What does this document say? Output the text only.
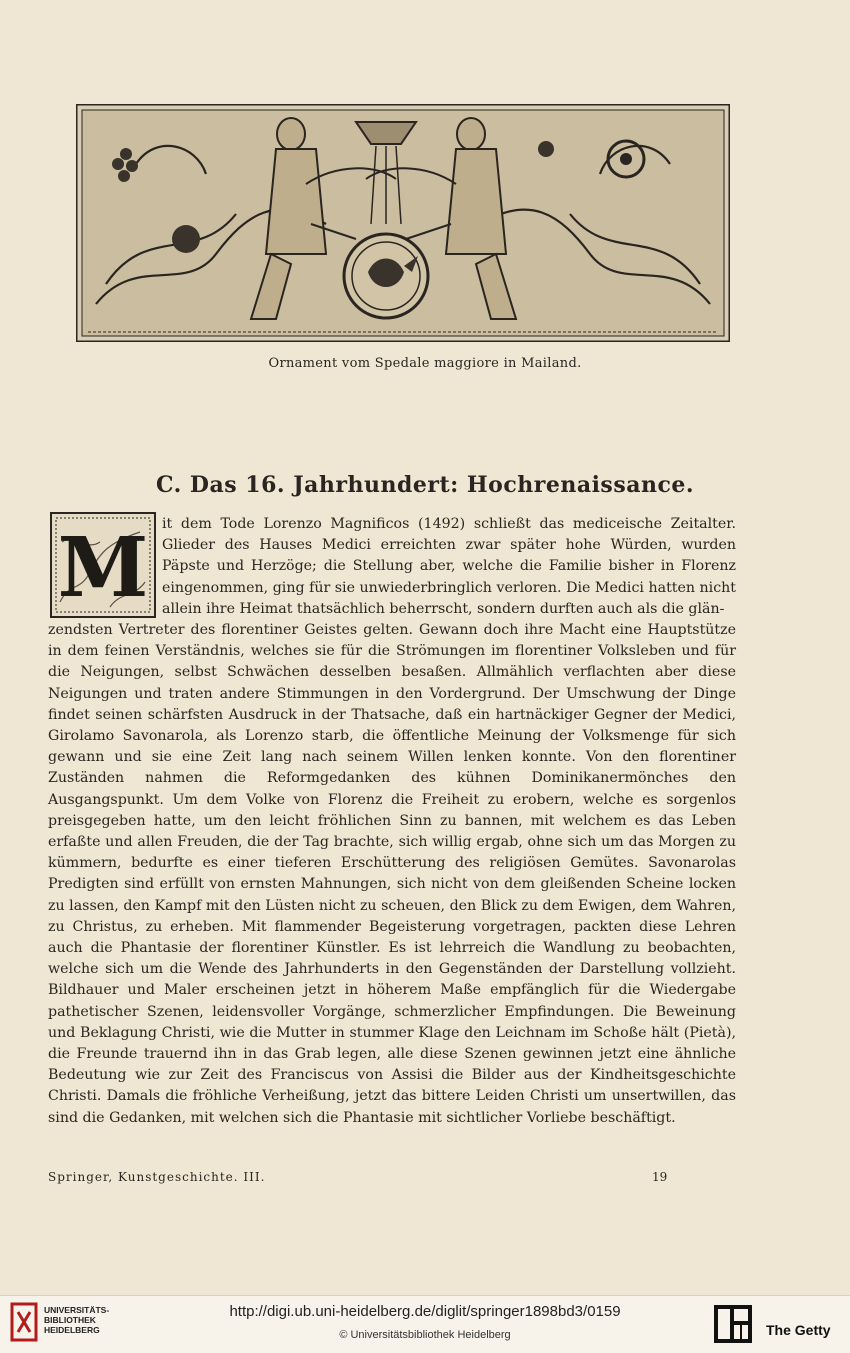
Ornament vom Spedale maggiore in Mailand.
C. Das 16. Jahrhundert: Hochrenaissance.
M it dem Tode Lorenzo Magnificos (1492) schließt das mediceische Zeitalter. Glieder des Hauses Medici erreichten zwar später hohe Würden, wurden Päpste und Herzöge; die Stellung aber, welche die Familie bisher in Florenz eingenommen, ging für sie unwiederbringlich verloren. Die Medici hatten nicht allein ihre Heimat thatsächlich beherrscht, sondern durften auch als die glän-
zendsten Vertreter des florentiner Geistes gelten. Gewann doch ihre Macht eine Hauptstütze in dem feinen Verständnis, welches sie für die Strömungen im florentiner Volksleben und für die Neigungen, selbst Schwächen desselben besaßen. Allmählich verflachten aber diese Neigungen und traten andere Stimmungen in den Vordergrund. Der Umschwung der Dinge findet seinen schärfsten Ausdruck in der Thatsache, daß ein hartnäckiger Gegner der Medici, Girolamo Savonarola, als Lorenzo starb, die öffentliche Meinung der Volksmenge für sich gewann und sie eine Zeit lang nach seinem Willen lenken konnte. Von den florentiner Zuständen nahmen die Reformgedanken des kühnen Dominikanermönches den Ausgangspunkt. Um dem Volke von Florenz die Freiheit zu erobern, welche es sorgenlos preisgegeben hatte, um den leicht fröhlichen Sinn zu bannen, mit welchem es das Leben erfaßte und allen Freuden, die der Tag brachte, sich willig ergab, ohne sich um das Morgen zu kümmern, bedurfte es einer tieferen Erschütterung des religiösen Gemütes. Savonarolas Predigten sind erfüllt von ernsten Mahnungen, sich nicht von dem gleißenden Scheine locken zu lassen, den Kampf mit den Lüsten nicht zu scheuen, den Blick zu dem Ewigen, dem Wahren, zu Christus, zu erheben. Mit flammender Begeisterung vorgetragen, packten diese Lehren auch die Phantasie der florentiner Künstler. Es ist lehrreich die Wandlung zu beobachten, welche sich um die Wende des Jahrhunderts in den Gegenständen der Darstellung vollzieht. Bildhauer und Maler erscheinen jetzt in höherem Maße empfänglich für die Wiedergabe pathetischer Szenen, leidensvoller Vorgänge, schmerzlicher Empfindungen. Die Beweinung und Beklagung Christi, wie die Mutter in stummer Klage den Leichnam im Schoße hält (Pietà), die Freunde trauernd ihn in das Grab legen, alle diese Szenen gewinnen jetzt eine ähnliche Bedeutung wie zur Zeit des Franciscus von Assisi die Bilder aus der Kindheitsgeschichte Christi. Damals die fröhliche Verheißung, jetzt das bittere Leiden Christi um unsertwillen, das sind die Gedanken, mit welchen sich die Phantasie mit sichtlicher Vorliebe beschäftigt.
Springer, Kunstgeschichte. III.	19
UNIVERSITÄTS-
BIBLIOTHEK
HEIDELBERG
http://digi.ub.uni-heidelberg.de/diglit/springer1898bd3/0159
© Universitätsbibliothek Heidelberg	The Getty
